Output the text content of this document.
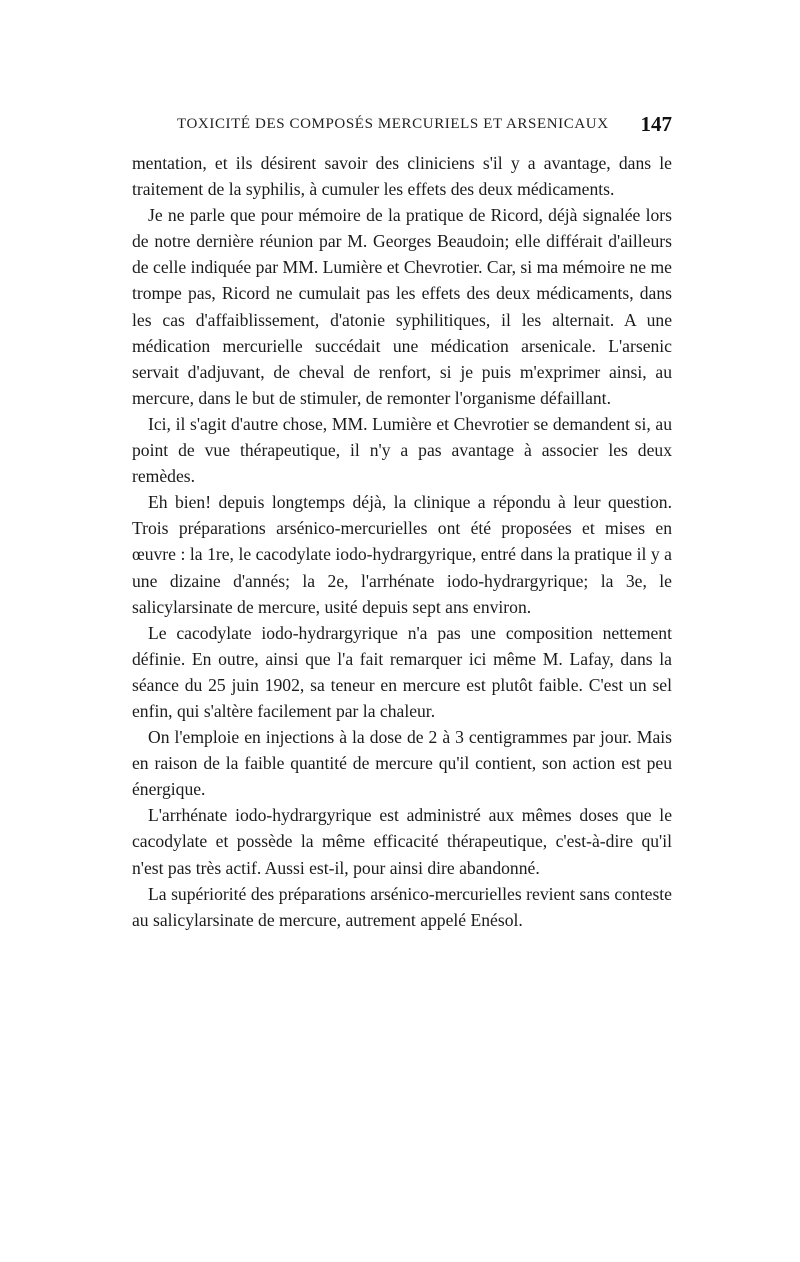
TOXICITÉ DES COMPOSÉS MERCURIELS ET ARSENICAUX 147

mentation, et ils désirent savoir des cliniciens s'il y a avantage, dans le traitement de la syphilis, à cumuler les effets des deux médicaments.

Je ne parle que pour mémoire de la pratique de Ricord, déjà signalée lors de notre dernière réunion par M. Georges Beaudoin; elle différait d'ailleurs de celle indiquée par MM. Lumière et Chevrotier. Car, si ma mémoire ne me trompe pas, Ricord ne cumulait pas les effets des deux médicaments, dans les cas d'affaiblissement, d'atonie syphilitiques, il les alternait. A une médication mercurielle succédait une médication arsenicale. L'arsenic servait d'adjuvant, de cheval de renfort, si je puis m'exprimer ainsi, au mercure, dans le but de stimuler, de remonter l'organisme défaillant.

Ici, il s'agit d'autre chose, MM. Lumière et Chevrotier se demandent si, au point de vue thérapeutique, il n'y a pas avantage à associer les deux remèdes.

Eh bien! depuis longtemps déjà, la clinique a répondu à leur question. Trois préparations arsénico-mercurielles ont été proposées et mises en œuvre : la 1re, le cacodylate iodo-hydrargyrique, entré dans la pratique il y a une dizaine d'annés; la 2e, l'arrhénate iodo-hydrargyrique; la 3e, le salicylarsinate de mercure, usité depuis sept ans environ.

Le cacodylate iodo-hydrargyrique n'a pas une composition nettement définie. En outre, ainsi que l'a fait remarquer ici même M. Lafay, dans la séance du 25 juin 1902, sa teneur en mercure est plutôt faible. C'est un sel enfin, qui s'altère facilement par la chaleur.

On l'emploie en injections à la dose de 2 à 3 centigrammes par jour. Mais en raison de la faible quantité de mercure qu'il contient, son action est peu énergique.

L'arrhénate iodo-hydrargyrique est administré aux mêmes doses que le cacodylate et possède la même efficacité thérapeutique, c'est-à-dire qu'il n'est pas très actif. Aussi est-il, pour ainsi dire abandonné.

La supériorité des préparations arsénico-mercurielles revient sans conteste au salicylarsinate de mercure, autrement appelé Enésol.
